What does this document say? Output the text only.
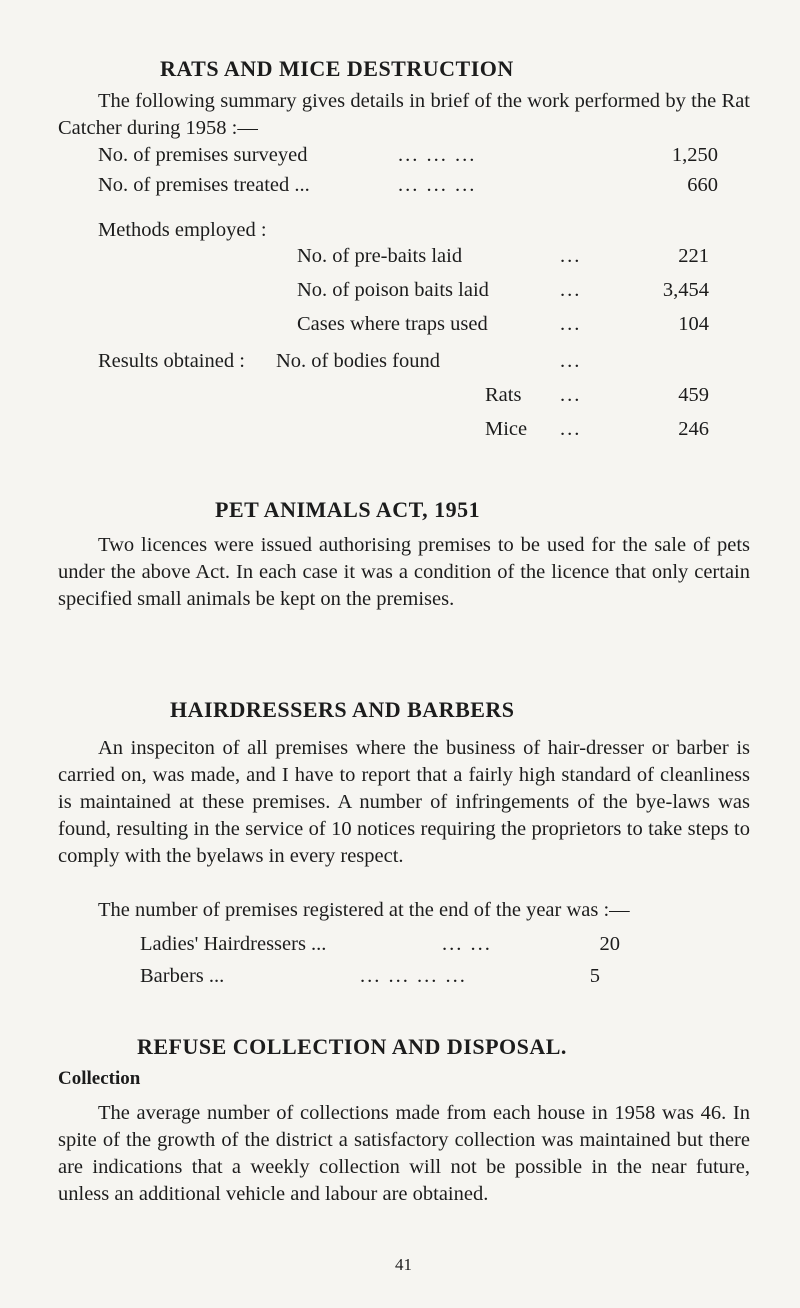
RATS AND MICE DESTRUCTION
The following summary gives details in brief of the work performed by the Rat Catcher during 1958 :—
No. of premises surveyed	... ... ...	1,250
No. of premises treated ...	... ... ...	660
Methods employed :
No. of pre-baits laid	...	221
No. of poison baits laid	...	3,454
Cases where traps used	...	104
Results obtained : No. of bodies found	...
Rats ...	459
Mice ...	246
PET ANIMALS ACT, 1951
Two licences were issued authorising premises to be used for the sale of pets under the above Act. In each case it was a condition of the licence that only certain specified small animals be kept on the premises.
HAIRDRESSERS AND BARBERS
An inspeciton of all premises where the business of hair-dresser or barber is carried on, was made, and I have to report that a fairly high standard of cleanliness is maintained at these premises. A number of infringements of the bye-laws was found, resulting in the service of 10 notices requiring the proprietors to take steps to comply with the byelaws in every respect.
The number of premises registered at the end of the year was :—
Ladies' Hairdressers ...	... ...	20
Barbers ...	... ... ... ...	5
REFUSE COLLECTION AND DISPOSAL.
Collection
The average number of collections made from each house in 1958 was 46. In spite of the growth of the district a satisfactory collection was maintained but there are indications that a weekly collection will not be possible in the near future, unless an additional vehicle and labour are obtained.
41
